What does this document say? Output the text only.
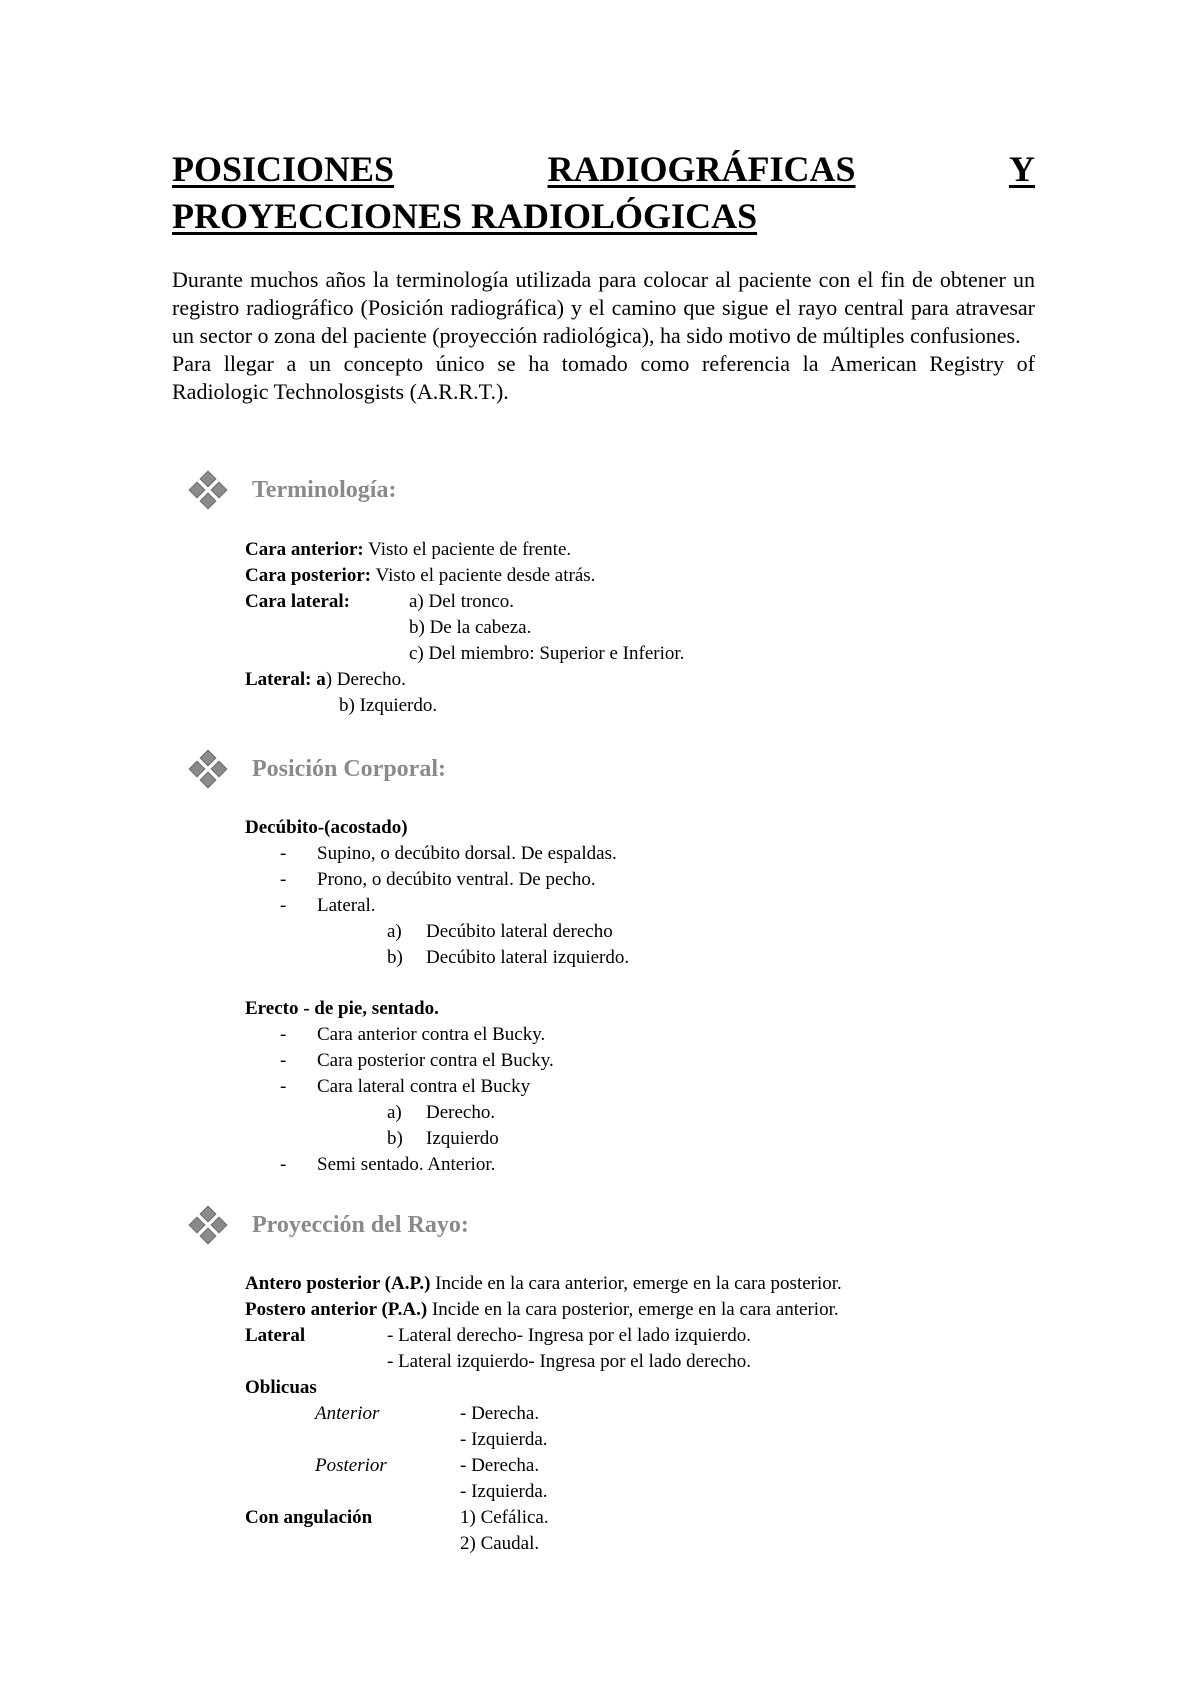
POSICIONES	RADIOGRÁFICAS	Y
PROYECCIONES RADIOLÓGICAS

Durante muchos años la terminología utilizada para colocar al paciente con el fin de obtener un registro radiográfico (Posición radiográfica) y el camino que sigue el rayo central para atravesar un sector o zona del paciente (proyección radiológica), ha sido motivo de múltiples confusiones.

Para llegar a un concepto único se ha tomado como referencia la American Registry of Radiologic Technolosgists (A.R.R.T.).

Terminología:
Cara anterior: Visto el paciente de frente.
Cara posterior: Visto el paciente desde atrás.
Cara lateral:	a) Del tronco.
b) De la cabeza.
c) Del miembro: Superior e Inferior.
Lateral: a) Derecho.
b) Izquierdo.
Posición Corporal:
Decúbito-(acostado)
- Supino, o decúbito dorsal. De espaldas.
- Prono, o decúbito ventral. De pecho.
- Lateral.
a) Decúbito lateral derecho
b) Decúbito lateral izquierdo.
Erecto - de pie, sentado.
- Cara anterior contra el Bucky.
- Cara posterior contra el Bucky.
- Cara lateral contra el Bucky
a) Derecho.
b) Izquierdo
- Semi sentado. Anterior.
Proyección del Rayo:
Antero posterior (A.P.) Incide en la cara anterior, emerge en la cara posterior.
Postero anterior (P.A.) Incide en la cara posterior, emerge en la cara anterior.
Lateral	- Lateral derecho- Ingresa por el lado izquierdo.
- Lateral izquierdo- Ingresa por el lado derecho.
Oblicuas
Anterior	- Derecha.
- Izquierda.
Posterior	- Derecha.
- Izquierda.
Con angulación	1) Cefálica.
2) Caudal.
